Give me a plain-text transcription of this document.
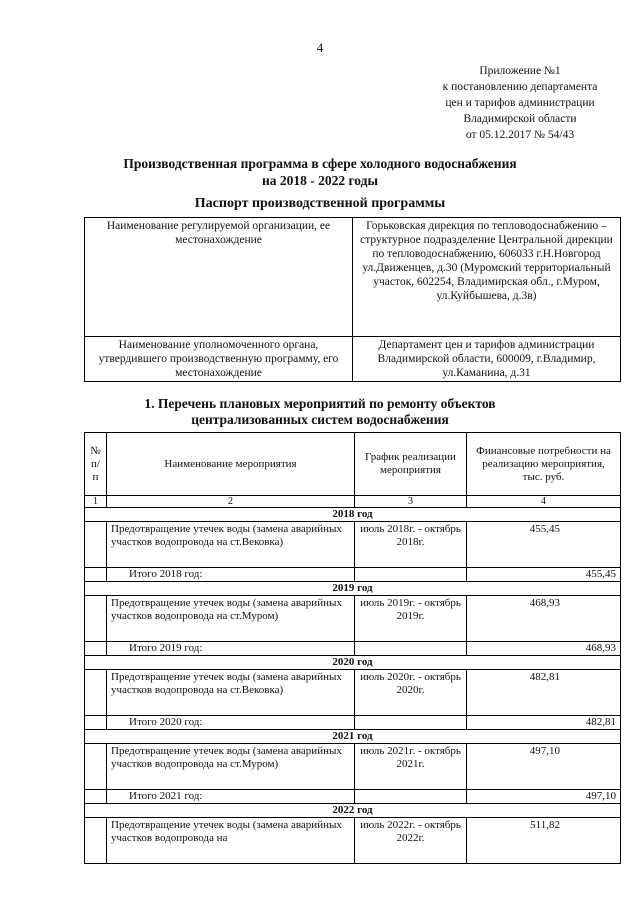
4
Приложение №1
к постановлению департамента
цен и тарифов администрации
Владимирской области
от 05.12.2017 № 54/43
Производственная программа в сфере холодного водоснабжения
на 2018 - 2022 годы
Паспорт производственной программы
Наименование регулируемой организации, ее местонахождение	Горьковская дирекция по тепловодоснабжению – структурное подразделение Центральной дирекции по тепловодоснабжению, 606033 г.Н.Новгород ул.Движенцев, д.30 (Муромский территориальный участок, 602254, Владимирская обл., г.Муром, ул.Куйбышева, д.3в)
Наименование уполномоченного органа, утвердившего производственную программу, его местонахождение	Департамент цен и тарифов администрации Владимирской области, 600009, г.Владимир, ул.Каманина, д.31
1. Перечень плановых мероприятий по ремонту объектов
централизованных систем водоснабжения
№ п/п	Наименование мероприятия	График реализации мероприятия	Финансовые потребности на реализацию мероприятия, тыс. руб.
1	2	3	4
2018 год			
	Предотвращение утечек воды (замена аварийных участков водопровода на ст.Вековка)	июль 2018г. - октябрь 2018г.	455,45
	Итого 2018 год:		455,45
2019 год			
	Предотвращение утечек воды (замена аварийных участков водопровода на ст.Муром)	июль 2019г. - октябрь 2019г.	468,93
	Итого 2019 год:		468,93
2020 год			
	Предотвращение утечек воды (замена аварийных участков водопровода на ст.Вековка)	июль 2020г. - октябрь 2020г.	482,81
	Итого 2020 год:		482,81
2021 год			
	Предотвращение утечек воды (замена аварийных участков водопровода на ст.Муром)	июль 2021г. - октябрь 2021г.	497,10
	Итого 2021 год:		497,10
2022 год			
	Предотвращение утечек воды (замена аварийных участков водопровода на	июль 2022г. - октябрь 2022г.	511,82
